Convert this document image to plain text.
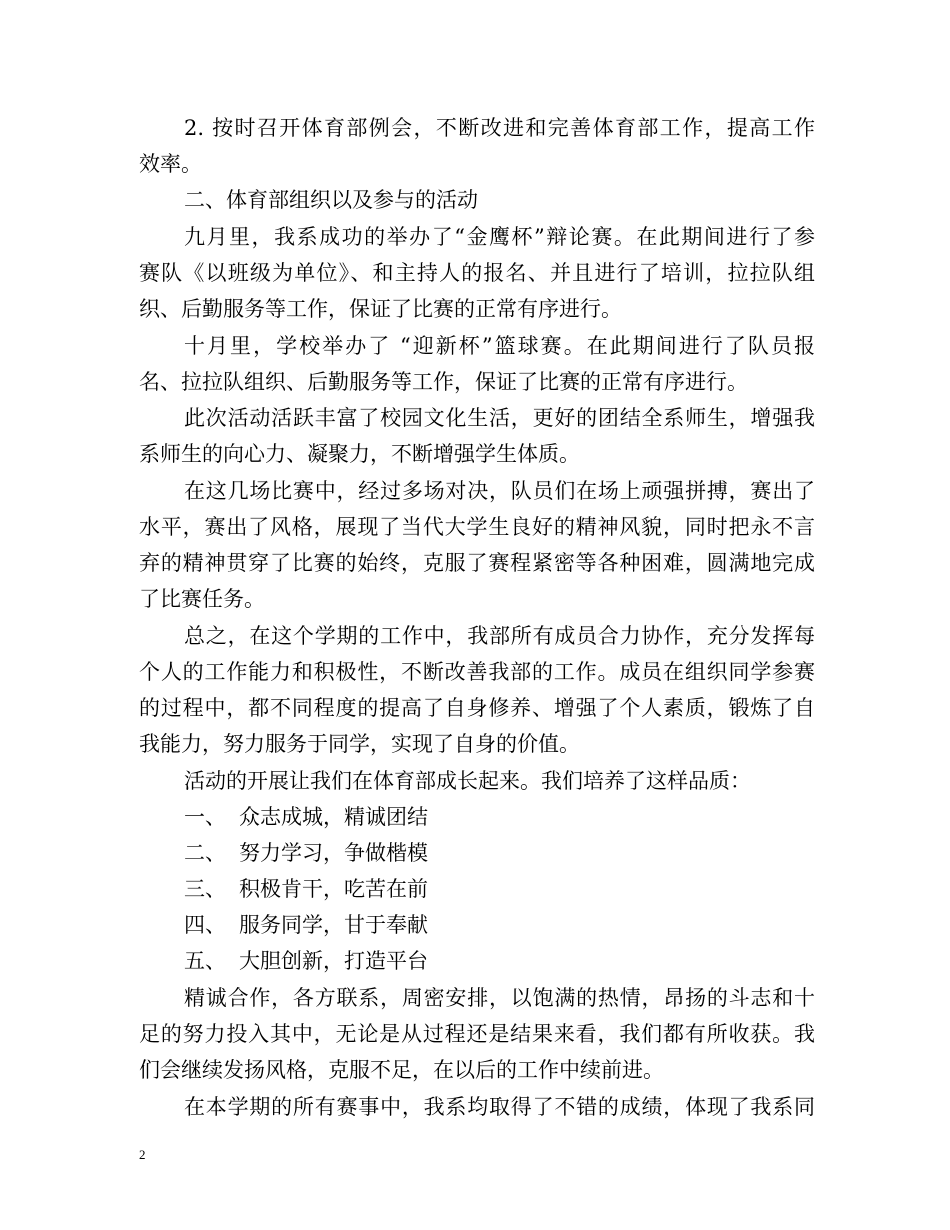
2. 按时召开体育部例会，不断改进和完善体育部工作，提高工作
效率。
二、体育部组织以及参与的活动
九月里，我系成功的举办了“金鹰杯”辩论赛。在此期间进行了参
赛队《以班级为单位》、和主持人的报名、并且进行了培训，拉拉队组
织、后勤服务等工作，保证了比赛的正常有序进行。
十月里，学校举办了 “迎新杯”篮球赛。在此期间进行了队员报
名、拉拉队组织、后勤服务等工作，保证了比赛的正常有序进行。
此次活动活跃丰富了校园文化生活，更好的团结全系师生，增强我
系师生的向心力、凝聚力，不断增强学生体质。
在这几场比赛中，经过多场对决，队员们在场上顽强拼搏，赛出了
水平，赛出了风格，展现了当代大学生良好的精神风貌，同时把永不言
弃的精神贯穿了比赛的始终，克服了赛程紧密等各种困难，圆满地完成
了比赛任务。
总之，在这个学期的工作中，我部所有成员合力协作，充分发挥每
个人的工作能力和积极性，不断改善我部的工作。成员在组织同学参赛
的过程中，都不同程度的提高了自身修养、增强了个人素质，锻炼了自
我能力，努力服务于同学，实现了自身的价值。
活动的开展让我们在体育部成长起来。我们培养了这样品质：
一、 众志成城，精诚团结
二、 努力学习，争做楷模
三、 积极肯干，吃苦在前
四、 服务同学，甘于奉献
五、 大胆创新，打造平台
精诚合作，各方联系，周密安排，以饱满的热情，昂扬的斗志和十
足的努力投入其中，无论是从过程还是结果来看，我们都有所收获。我
们会继续发扬风格，克服不足，在以后的工作中续前进。
在本学期的所有赛事中，我系均取得了不错的成绩，体现了我系同
2
